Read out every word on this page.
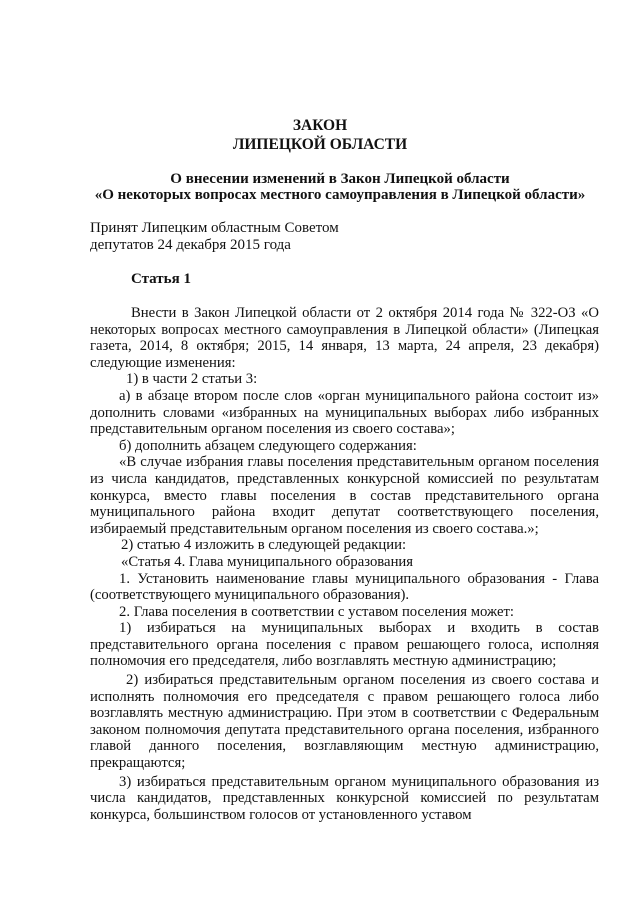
ЗАКОН
ЛИПЕЦКОЙ ОБЛАСТИ
О внесении изменений в Закон Липецкой области
«О некоторых вопросах местного самоуправления в Липецкой области»
Принят Липецким областным Советом
депутатов 24 декабря 2015 года
Статья 1

Внести в Закон Липецкой области от 2 октября 2014 года № 322-ОЗ «О некоторых вопросах местного самоуправления в Липецкой области» (Липецкая газета, 2014, 8 октября; 2015, 14 января, 13 марта, 24 апреля, 23 декабря) следующие изменения:

1) в части 2 статьи 3:

а) в абзаце втором после слов «орган муниципального района состоит из» дополнить словами «избранных на муниципальных выборах либо избранных представительным органом поселения из своего состава»;

б) дополнить абзацем следующего содержания:

«В случае избрания главы поселения представительным органом поселения из числа кандидатов, представленных конкурсной комиссией по результатам конкурса, вместо главы поселения в состав представительного органа муниципального района входит депутат соответствующего поселения, избираемый представительным органом поселения из своего состава.»;

2) статью 4 изложить в следующей редакции:

«Статья 4. Глава муниципального образования

1. Установить наименование главы муниципального образования - Глава (соответствующего муниципального образования).

2. Глава поселения в соответствии с уставом поселения может:

1) избираться на муниципальных выборах и входить в состав представительного органа поселения с правом решающего голоса, исполняя полномочия его председателя, либо возглавлять местную администрацию;

2) избираться представительным органом поселения из своего состава и исполнять полномочия его председателя с правом решающего голоса либо возглавлять местную администрацию. При этом в соответствии с Федеральным законом полномочия депутата представительного органа поселения, избранного главой данного поселения, возглавляющим местную администрацию, прекращаются;

3) избираться представительным органом муниципального образования из числа кандидатов, представленных конкурсной комиссией по результатам конкурса, большинством голосов от установленного уставом
